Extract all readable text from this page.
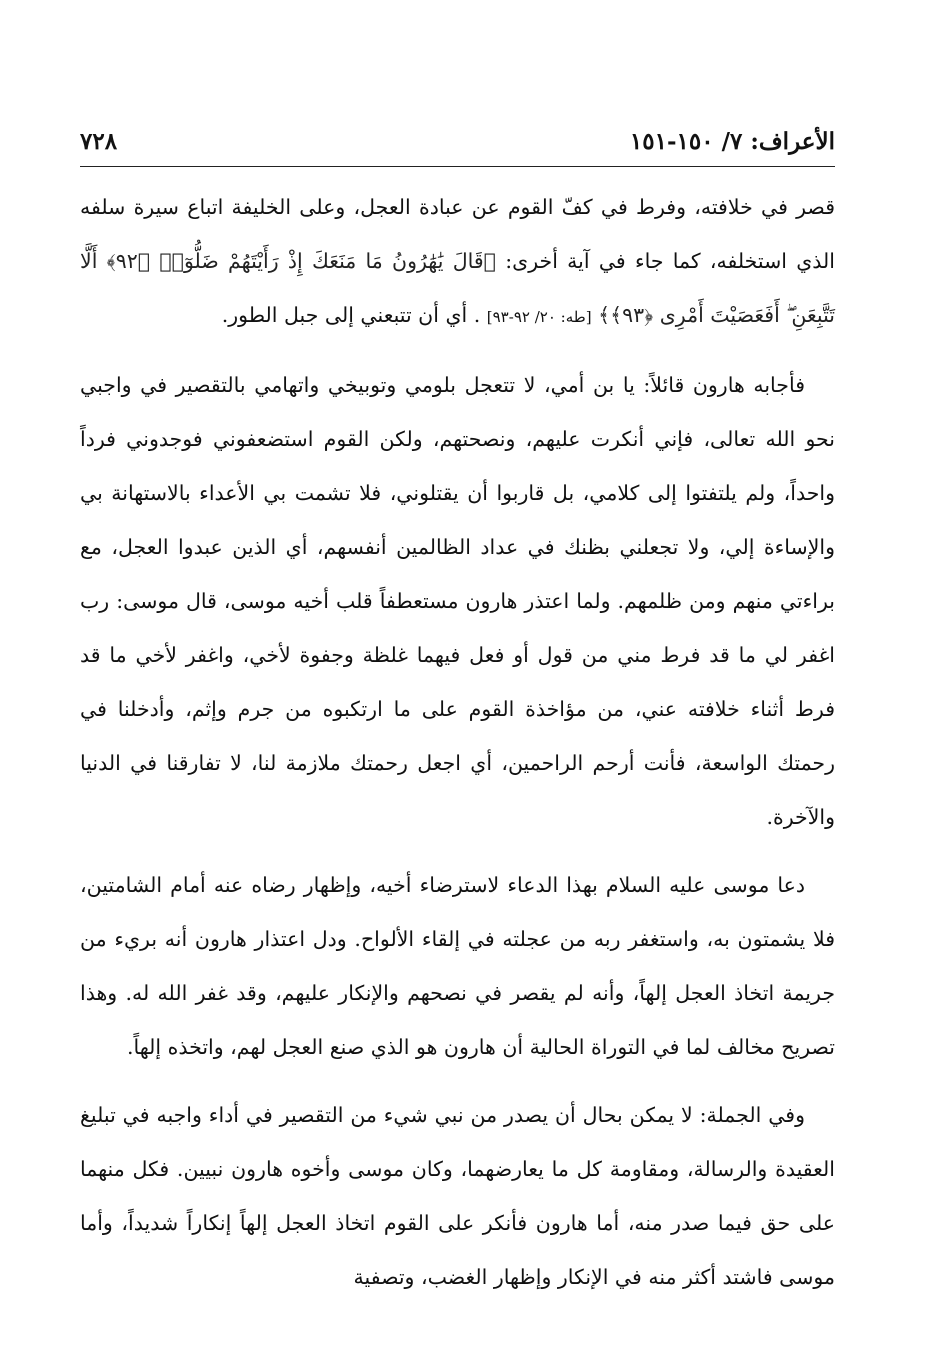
الأعراف: ٧/ ١٥٠-١٥١
٧٢٨

قصر في خلافته، وفرط في كفّ القوم عن عبادة العجل، وعلى الخليفة اتباع سيرة سلفه الذي استخلفه، كما جاء في آية أخرى: ﴿قَالَ يَٰهَٰرُونُ مَا مَنَعَكَ إِذْ رَأَيْتَهُمْ ضَلُّوٓا۟ ﴿٩٢﴾ أَلَّا تَتَّبِعَنِ ۖ أَفَعَصَيْتَ أَمْرِى ﴿٩٣﴾﴾ [طه: ٢٠/ ٩٢-٩٣] . أي أن تتبعني إلى جبل الطور.

فأجابه هارون قائلاً: يا بن أمي، لا تتعجل بلومي وتوبيخي واتهامي بالتقصير في واجبي نحو الله تعالى، فإني أنكرت عليهم، ونصحتهم، ولكن القوم استضعفوني فوجدوني فرداً واحداً، ولم يلتفتوا إلى كلامي، بل قاربوا أن يقتلوني، فلا تشمت بي الأعداء بالاستهانة بي والإساءة إلي، ولا تجعلني بظنك في عداد الظالمين أنفسهم، أي الذين عبدوا العجل، مع براءتي منهم ومن ظلمهم. ولما اعتذر هارون مستعطفاً قلب أخيه موسى، قال موسى: رب اغفر لي ما قد فرط مني من قول أو فعل فيهما غلظة وجفوة لأخي، واغفر لأخي ما قد فرط أثناء خلافته عني، من مؤاخذة القوم على ما ارتكبوه من جرم وإثم، وأدخلنا في رحمتك الواسعة، فأنت أرحم الراحمين، أي اجعل رحمتك ملازمة لنا، لا تفارقنا في الدنيا والآخرة.

دعا موسى عليه السلام بهذا الدعاء لاسترضاء أخيه، وإظهار رضاه عنه أمام الشامتين، فلا يشمتون به، واستغفر ربه من عجلته في إلقاء الألواح. ودل اعتذار هارون أنه بريء من جريمة اتخاذ العجل إلهاً، وأنه لم يقصر في نصحهم والإنكار عليهم، وقد غفر الله له. وهذا تصريح مخالف لما في التوراة الحالية أن هارون هو الذي صنع العجل لهم، واتخذه إلهاً.

وفي الجملة: لا يمكن بحال أن يصدر من نبي شيء من التقصير في أداء واجبه في تبليغ العقيدة والرسالة، ومقاومة كل ما يعارضهما، وكان موسى وأخوه هارون نبيين. فكل منهما على حق فيما صدر منه، أما هارون فأنكر على القوم اتخاذ العجل إلهاً إنكاراً شديداً، وأما موسى فاشتد أكثر منه في الإنكار وإظهار الغضب، وتصفية
